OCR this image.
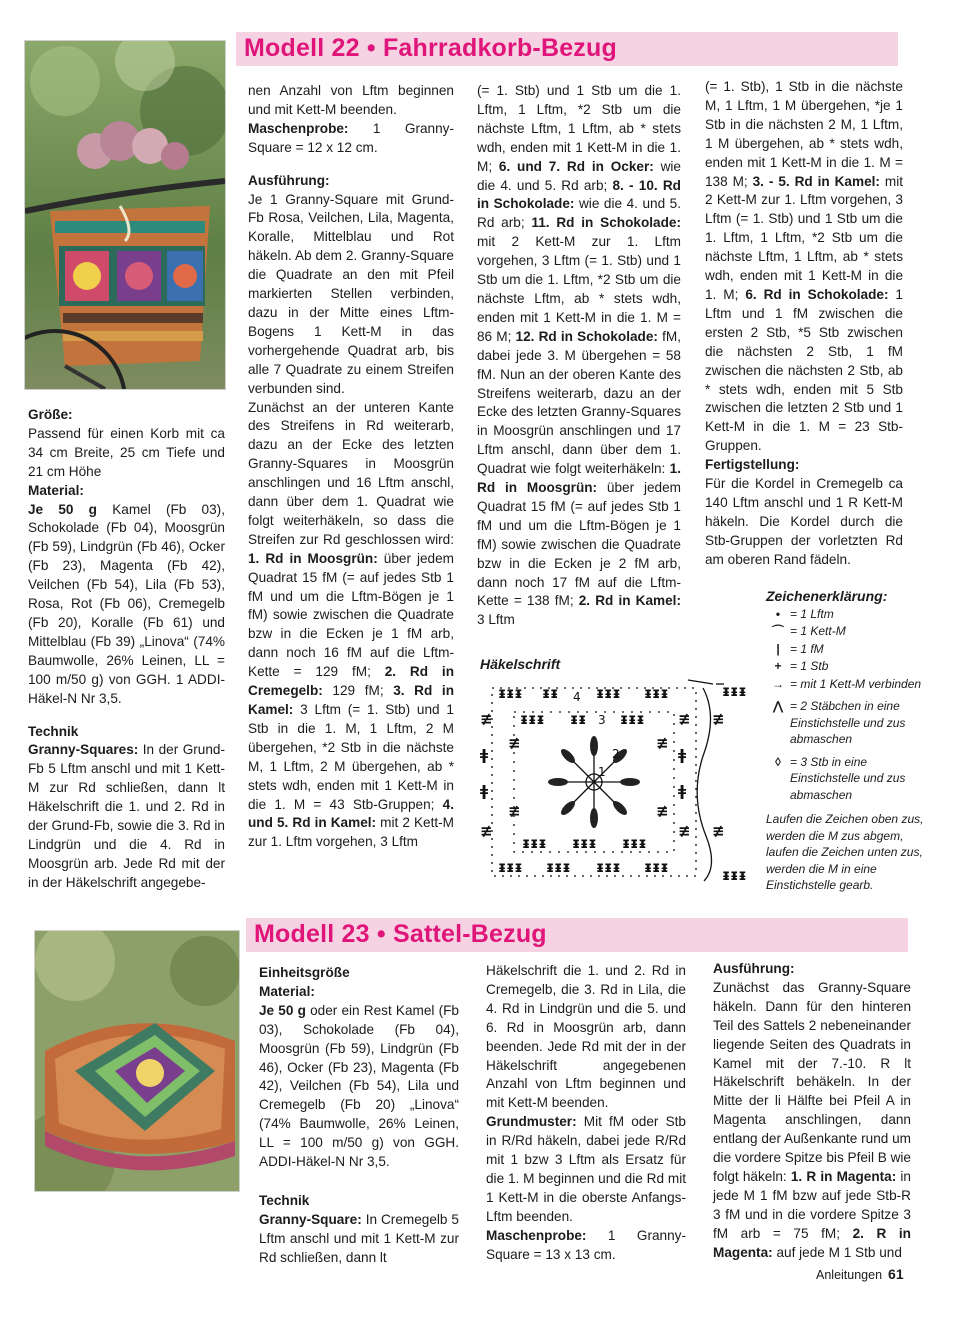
Modell 22 • Fahrradkorb-Bezug

Größe:

Passend für einen Korb mit ca 34 cm Breite, 25 cm Tiefe und 21 cm Höhe

Material:

Je 50 g Kamel (Fb 03), Schokolade (Fb 04), Moosgrün (Fb 59), Lindgrün (Fb 46), Ocker (Fb 23), Magenta (Fb 42), Veilchen (Fb 54), Lila (Fb 53), Rosa, Rot (Fb 06), Cremegelb (Fb 20), Koralle (Fb 61) und Mittelblau (Fb 39) „Linova“ (74% Baumwolle, 26% Leinen, LL = 100 m/50 g) von GGH. 1 ADDI-Häkel-N Nr 3,5.

Technik

Granny-Squares: In der Grund-Fb 5 Lftm anschl und mit 1 Kett-M zur Rd schließen, dann lt Häkelschrift die 1. und 2. Rd in der Grund-Fb, sowie die 3. Rd in Lindgrün und die 4. Rd in Moosgrün arb. Jede Rd mit der in der Häkelschrift angegebe-

nen Anzahl von Lftm beginnen und mit Kett-M beenden.

Maschenprobe: 1 Granny-Square = 12 x 12 cm.

Ausführung:

Je 1 Granny-Square mit Grund-Fb Rosa, Veilchen, Lila, Magenta, Koralle, Mittelblau und Rot häkeln. Ab dem 2. Granny-Square die Quadrate an den mit Pfeil markierten Stellen verbinden, dazu in der Mitte eines Lftm-Bogens 1 Kett-M in das vorhergehende Quadrat arb, bis alle 7 Quadrate zu einem Streifen verbunden sind.

Zunächst an der unteren Kante des Streifens in Rd weiterarb, dazu an der Ecke des letzten Granny-Squares in Moosgrün anschlingen und 16 Lftm anschl, dann über dem 1. Quadrat wie folgt weiterhäkeln, so dass die Streifen zur Rd geschlossen wird: 1. Rd in Moosgrün: über jedem Quadrat 15 fM (= auf jedes Stb 1 fM und um die Lftm-Bögen je 1 fM) sowie zwischen die Quadrate bzw in die Ecken je 1 fM arb, dann noch 16 fM auf die Lftm-Kette = 129 fM; 2. Rd in Cremegelb: 129 fM; 3. Rd in Kamel: 3 Lftm (= 1. Stb) und 1 Stb in die 1. M, 1 Lftm, 2 M übergehen, *2 Stb in die nächste M, 1 Lftm, 2 M übergehen, ab * stets wdh, enden mit 1 Kett-M in die 1. M = 43 Stb-Gruppen; 4. und 5. Rd in Kamel: mit 2 Kett-M zur 1. Lftm vorgehen, 3 Lftm

(= 1. Stb) und 1 Stb um die 1. Lftm, 1 Lftm, *2 Stb um die nächste Lftm, 1 Lftm, ab * stets wdh, enden mit 1 Kett-M in die 1. M; 6. und 7. Rd in Ocker: wie die 4. und 5. Rd arb; 8. - 10. Rd in Schokolade: wie die 4. und 5. Rd arb; 11. Rd in Schokolade: mit 2 Kett-M zur 1. Lftm vorgehen, 3 Lftm (= 1. Stb) und 1 Stb um die 1. Lftm, *2 Stb um die nächste Lftm, ab * stets wdh, enden mit 1 Kett-M in die 1. M = 86 M; 12. Rd in Schokolade: fM, dabei jede 3. M übergehen = 58 fM. Nun an der oberen Kante des Streifens weiterarb, dazu an der Ecke des letzten Granny-Squares in Moosgrün anschlingen und 17 Lftm anschl, dann über dem 1. Quadrat wie folgt weiterhäkeln: 1. Rd in Moosgrün: über jedem Quadrat 15 fM (= auf jedes Stb 1 fM und um die Lftm-Bögen je 1 fM) sowie zwischen die Quadrate bzw in die Ecken je 2 fM arb, dann noch 17 fM auf die Lftm-Kette = 138 fM; 2. Rd in Kamel: 3 Lftm

(= 1. Stb), 1 Stb in die nächste M, 1 Lftm, 1 M übergehen, *je 1 Stb in die nächsten 2 M, 1 Lftm, 1 M übergehen, ab * stets wdh, enden mit 1 Kett-M in die 1. M = 138 M; 3. - 5. Rd in Kamel: mit 2 Kett-M zur 1. Lftm vorgehen, 3 Lftm (= 1. Stb) und 1 Stb um die 1. Lftm, 1 Lftm, *2 Stb um die nächste Lftm, 1 Lftm, ab * stets wdh, enden mit 1 Kett-M in die 1. M; 6. Rd in Schokolade: 1 Lftm und 1 fM zwischen die ersten 2 Stb, *5 Stb zwischen die nächsten 2 Stb, 1 fM zwischen die nächsten 2 Stb, ab * stets wdh, enden mit 5 Stb zwischen die letzten 2 Stb und 1 Kett-M in die 1. M = 23 Stb-Gruppen.

Fertigstellung:

Für die Kordel in Cremegelb ca 140 Lftm anschl und 1 R Kett-M häkeln. Die Kordel durch die Stb-Gruppen der vorletzten Rd am oberen Rand fädeln.

Häkelschrift
ᵻᵻᵻ ᵻᵻ	ᵻᵻᵻ ᵻᵻᵻ	ᵻᵻᵻ
ᵻᵻᵻ ᵻᵻ ᵻᵻᵻ
ᵻᵻᵻ ᵻᵻᵻ ᵻᵻᵻ ᵻᵻᵻ	ᵻᵻᵻ
ᵻᵻᵻ ᵻᵻᵻ ᵻᵻᵻ
≢
ǂ
ǂ
≢
≢
≢
≢
ǂ
ǂ
≢
≢
≢
≢
≢
4
3
2
1
Zeichenerklärung:
• = 1 Lftm
⌒ = 1 Kett-M
| = 1 fM
+ = 1 Stb
→ = mit 1 Kett-M verbinden
⋀ = 2 Stäbchen in eine Einstichstelle und zus abmaschen
◊ = 3 Stb in eine Einstichstelle und zus abmaschen
Laufen die Zeichen oben zus, werden die M zus abgem, laufen die Zeichen unten zus, werden die M in eine Einstichstelle gearb.
Modell 23 • Sattel-Bezug

Einheitsgröße

Material:

Je 50 g oder ein Rest Kamel (Fb 03), Schokolade (Fb 04), Moosgrün (Fb 59), Lindgrün (Fb 46), Ocker (Fb 23), Magenta (Fb 42), Veilchen (Fb 54), Lila und Cremegelb (Fb 20) „Linova“ (74% Baumwolle, 26% Leinen, LL = 100 m/50 g) von GGH. ADDI-Häkel-N Nr 3,5.

Technik

Granny-Square: In Cremegelb 5 Lftm anschl und mit 1 Kett-M zur Rd schließen, dann lt

Häkelschrift die 1. und 2. Rd in Cremegelb, die 3. Rd in Lila, die 4. Rd in Lindgrün und die 5. und 6. Rd in Moosgrün arb, dann beenden. Jede Rd mit der in der Häkelschrift angegebenen Anzahl von Lftm beginnen und mit Kett-M beenden.

Grundmuster: Mit fM oder Stb in R/Rd häkeln, dabei jede R/Rd mit 1 bzw 3 Lftm als Ersatz für die 1. M beginnen und die Rd mit 1 Kett-M in die oberste Anfangs-Lftm beenden.

Maschenprobe: 1 Granny-Square = 13 x 13 cm.

Ausführung:

Zunächst das Granny-Square häkeln. Dann für den hinteren Teil des Sattels 2 nebeneinander liegende Seiten des Quadrats in Kamel mit der 7.-10. R lt Häkelschrift behäkeln. In der Mitte der li Hälfte bei Pfeil A in Magenta anschlingen, dann entlang der Außenkante rund um die vordere Spitze bis Pfeil B wie folgt häkeln: 1. R in Magenta: in jede M 1 fM bzw auf jede Stb-R 3 fM und in die vordere Spitze 3 fM arb = 75 fM; 2. R in Magenta: auf jede M 1 Stb und

Anleitungen 61
